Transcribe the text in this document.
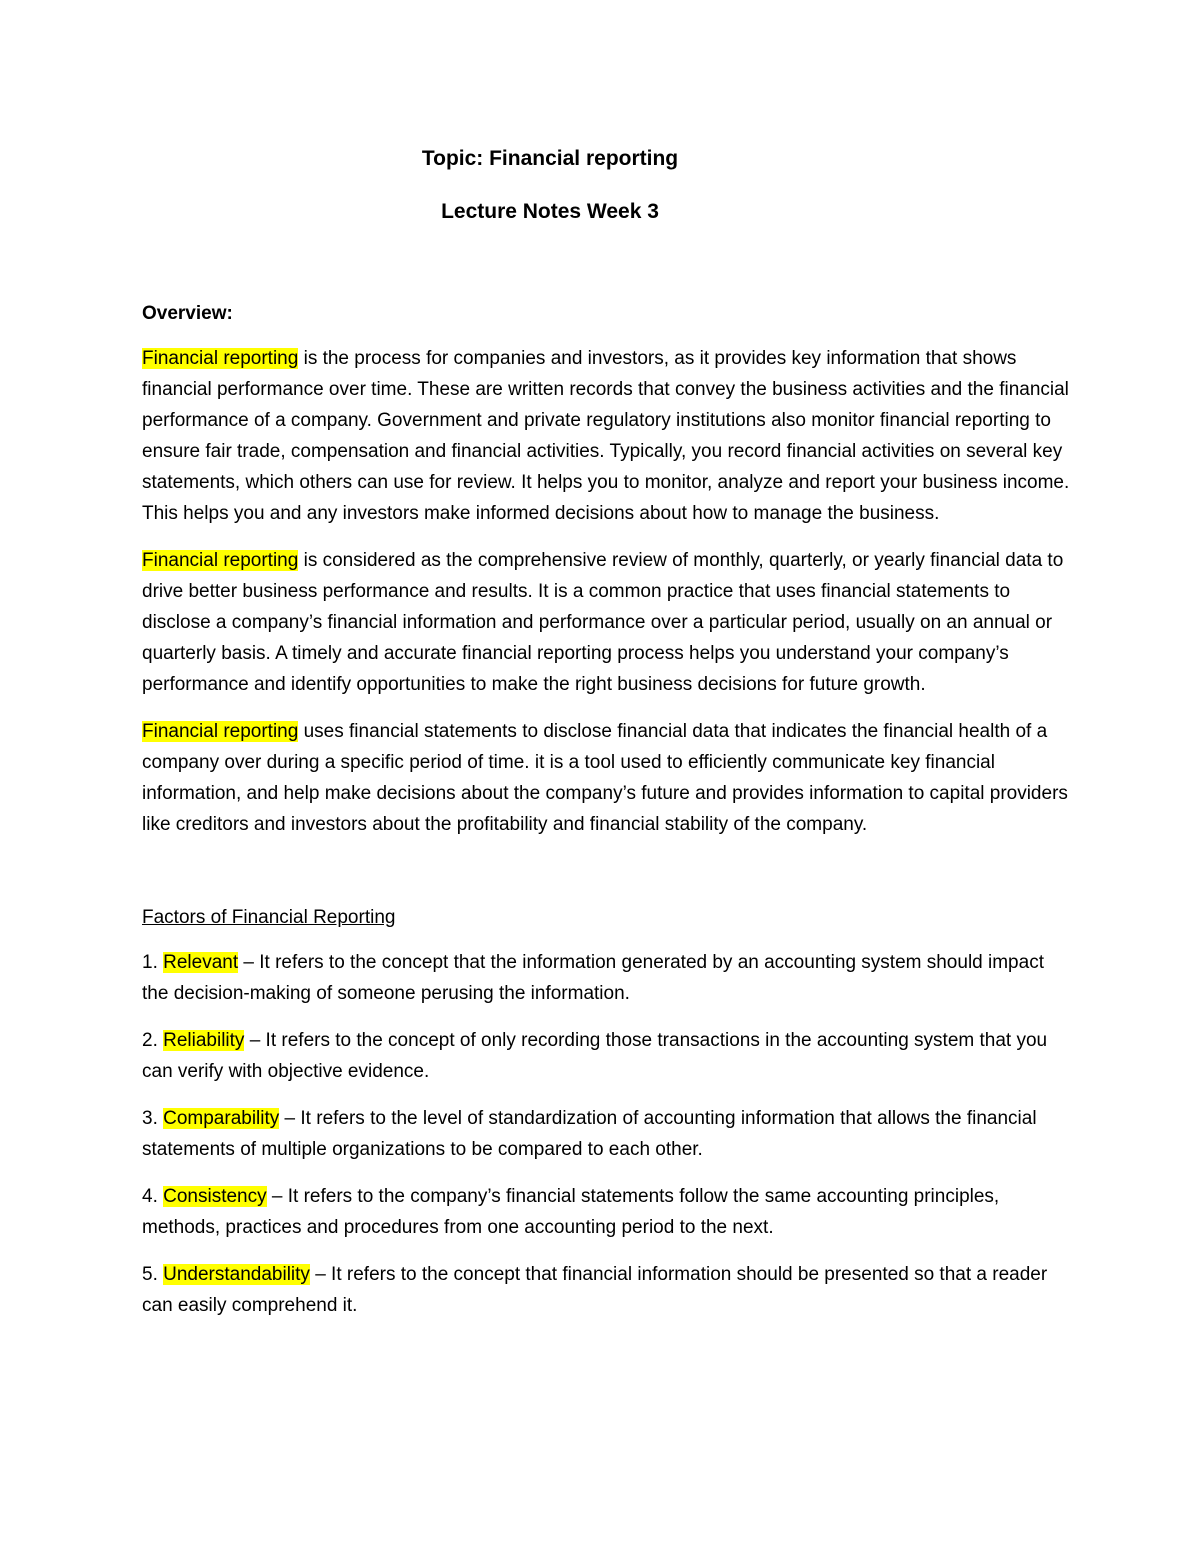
Topic: Financial reporting
Lecture Notes Week 3
Overview:

Financial reporting is the process for companies and investors, as it provides key information that shows financial performance over time. These are written records that convey the business activities and the financial performance of a company. Government and private regulatory institutions also monitor financial reporting to ensure fair trade, compensation and financial activities. Typically, you record financial activities on several key statements, which others can use for review. It helps you to monitor, analyze and report your business income. This helps you and any investors make informed decisions about how to manage the business.

Financial reporting is considered as the comprehensive review of monthly, quarterly, or yearly financial data to drive better business performance and results. It is a common practice that uses financial statements to disclose a company’s financial information and performance over a particular period, usually on an annual or quarterly basis. A timely and accurate financial reporting process helps you understand your company’s performance and identify opportunities to make the right business decisions for future growth.

Financial reporting uses financial statements to disclose financial data that indicates the financial health of a company over during a specific period of time. it is a tool used to efficiently communicate key financial information, and help make decisions about the company’s future and provides information to capital providers like creditors and investors about the profitability and financial stability of the company.

Factors of Financial Reporting

1. Relevant – It refers to the concept that the information generated by an accounting system should impact the decision-making of someone perusing the information.

2. Reliability – It refers to the concept of only recording those transactions in the accounting system that you can verify with objective evidence.

3. Comparability – It refers to the level of standardization of accounting information that allows the financial statements of multiple organizations to be compared to each other.

4. Consistency – It refers to the company’s financial statements follow the same accounting principles, methods, practices and procedures from one accounting period to the next.

5. Understandability – It refers to the concept that financial information should be presented so that a reader can easily comprehend it.
